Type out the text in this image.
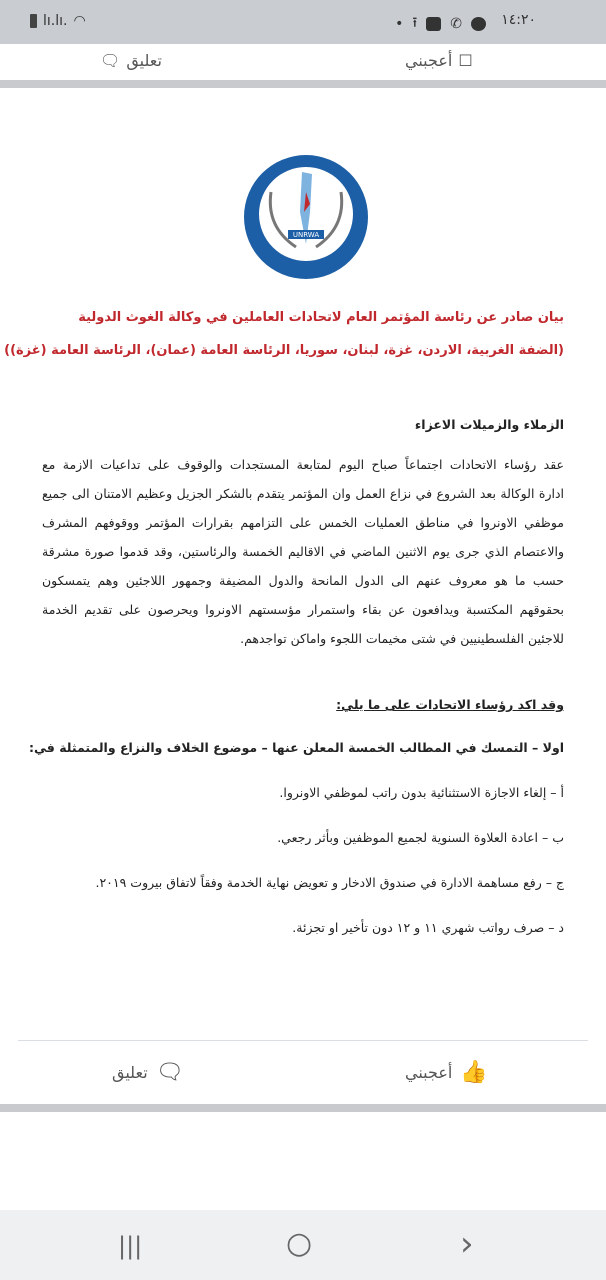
lı.lı. ◠	• ⭱ ✆	١٤:٢٠
🗨 تعليق	أعجبني ☐
UNRWA
بيان صادر عن رئاسة المؤتمر العام لاتحادات العاملين في وكالة الغوث الدولية
(الضفة الغربية، الاردن، غزة، لبنان، سوريا، الرئاسة العامة (عمان)، الرئاسة العامة (غزة))
الزملاء والزميلات الاعزاء
عقد رؤساء الاتحادات اجتماعاً صباح اليوم لمتابعة المستجدات والوقوف على تداعيات الازمة مع
ادارة الوكالة بعد الشروع في نزاع العمل وان المؤتمر يتقدم بالشكر الجزيل وعظيم الامتنان الى جميع
موظفي الاونروا في مناطق العمليات الخمس على التزامهم بقرارات المؤتمر ووقوفهم المشرف
والاعتصام الذي جرى يوم الاثنين الماضي في الاقاليم الخمسة والرئاستين، وقد قدموا صورة مشرقة
حسب ما هو معروف عنهم الى الدول المانحة والدول المضيفة وجمهور اللاجئين وهم يتمسكون
بحقوقهم المكتسبة ويدافعون عن بقاء واستمرار مؤسستهم الاونروا ويحرصون على تقديم الخدمة
للاجئين الفلسطينيين في شتى مخيمات اللجوء واماكن تواجدهم.
وقد اكد رؤساء الاتحادات على ما يلي:
اولا – التمسك في المطالب الخمسة المعلن عنها – موضوع الخلاف والنزاع والمتمثلة في:
أ – إلغاء الاجازة الاستثنائية بدون راتب لموظفي الاونروا.
ب – اعادة العلاوة السنوية لجميع الموظفين وبأثر رجعي.
ج – رفع مساهمة الادارة في صندوق الادخار و تعويض نهاية الخدمة وفقاً لاتفاق بيروت ٢٠١٩.
د – صرف رواتب شهري ١١ و ١٢ دون تأخير او تجزئة.
🗨
تعليق	👍
أعجبني
|||	○	›
